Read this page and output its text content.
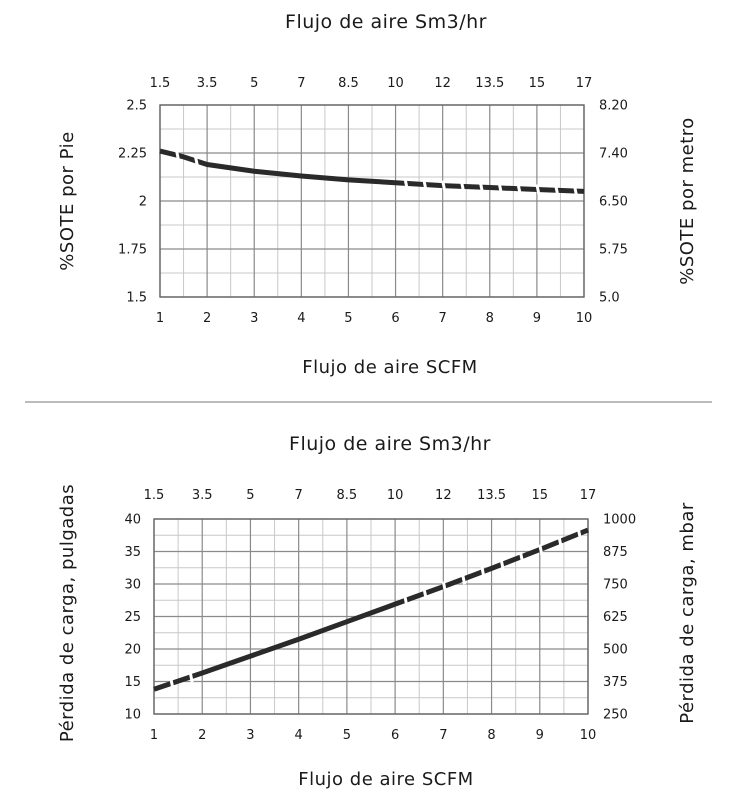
Flujo de aire Sm3/hr
Flujo de aire SCFM
%SOTE por Pie	%SOTE por metro
Flujo de aire Sm3/hr
Flujo de aire SCFM
Pérdida de carga, pulgadas	Pérdida de carga, mbar
1	2	3	4	5	6	7	8	9	10
1.5 3.5	5	7	8.5 10 12 13.5 15 17
2.5
2.25
2
1.75
1.5
8.20
7.40
6.50
5.75
5.0
1	2	3	4	5	6	7	8	9	10
1.5 3.5	5	7	8.5 10 12 13.5 15 17
40
35
30
25
20
15
10
1000
875
750
625
500
375
250
